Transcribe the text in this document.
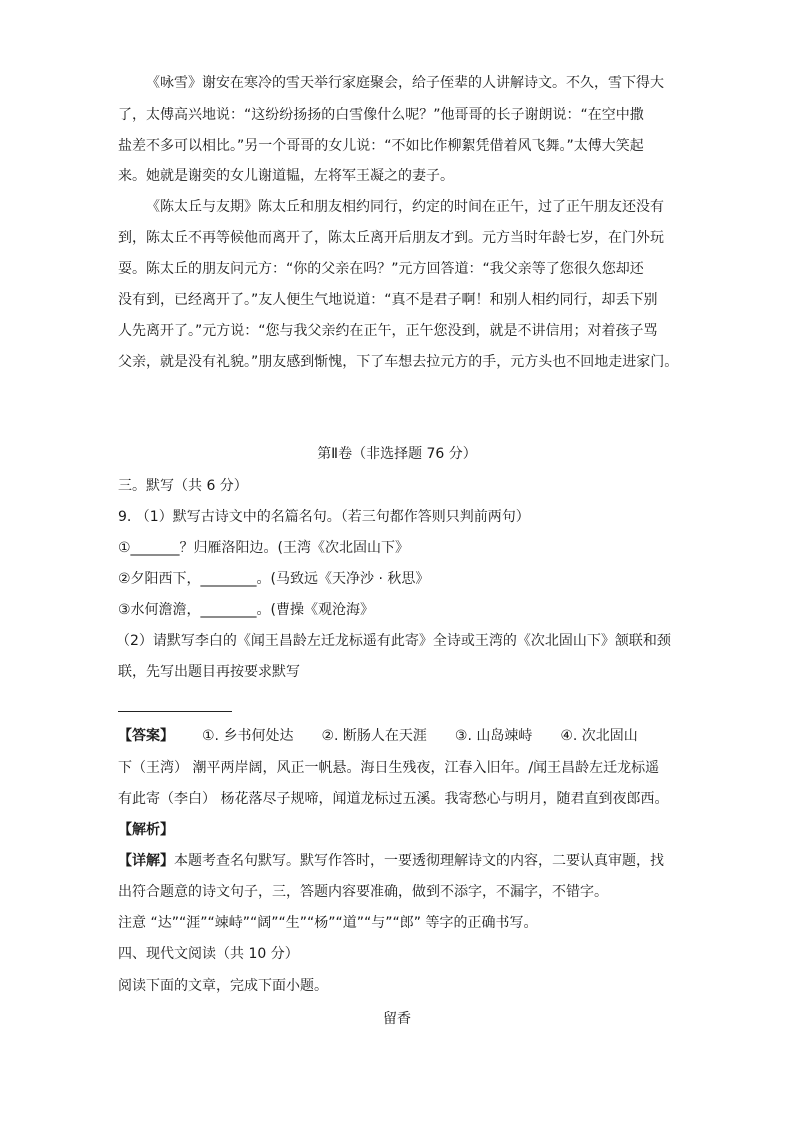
《咏雪》谢安在寒冷的雪天举行家庭聚会，给子侄辈的人讲解诗文。不久，雪下得大
了，太傅高兴地说：“这纷纷扬扬的白雪像什么呢？”他哥哥的长子谢朗说：“在空中撒
盐差不多可以相比。”另一个哥哥的女儿说：“不如比作柳絮凭借着风飞舞。”太傅大笑起
来。她就是谢奕的女儿谢道韫，左将军王凝之的妻子。
《陈太丘与友期》陈太丘和朋友相约同行，约定的时间在正午，过了正午朋友还没有
到，陈太丘不再等候他而离开了，陈太丘离开后朋友才到。元方当时年龄七岁，在门外玩
耍。陈太丘的朋友问元方：“你的父亲在吗？”元方回答道：“我父亲等了您很久您却还
没有到，已经离开了。”友人便生气地说道：“真不是君子啊！和别人相约同行，却丢下别
人先离开了。”元方说：“您与我父亲约在正午，正午您没到，就是不讲信用；对着孩子骂
父亲，就是没有礼貌。”朋友感到惭愧，下了车想去拉元方的手，元方头也不回地走进家门。
第Ⅱ卷（非选择题 76 分）
三。默写（共 6 分）
9. （1）默写古诗文中的名篇名句。（若三句都作答则只判前两句）
①_______？归雁洛阳边。(王湾《次北固山下》
②夕阳西下，________。(马致远《天净沙 · 秋思》
③水何澹澹，________。(曹操《观沧海》
（2）请默写李白的《闻王昌龄左迁龙标遥有此寄》全诗或王湾的《次北固山下》颔联和颈
联，先写出题目再按要求默写
【答案】 ①. 乡书何处达 ②. 断肠人在天涯 ③. 山岛竦峙 ④. 次北固山
下（王湾） 潮平两岸阔，风正一帆悬。海日生残夜，江春入旧年。/闻王昌龄左迁龙标遥
有此寄（李白） 杨花落尽子规啼，闻道龙标过五溪。我寄愁心与明月，随君直到夜郎西。
【解析】
【详解】本题考查名句默写。默写作答时，一要透彻理解诗文的内容，二要认真审题，找
出符合题意的诗文句子，三，答题内容要准确，做到不添字，不漏字，不错字。
注意 “达”“涯”“竦峙”“阔”“生”“杨”“道”“与”“郎” 等字的正确书写。
四、现代文阅读（共 10 分）
阅读下面的文章，完成下面小题。
留香
